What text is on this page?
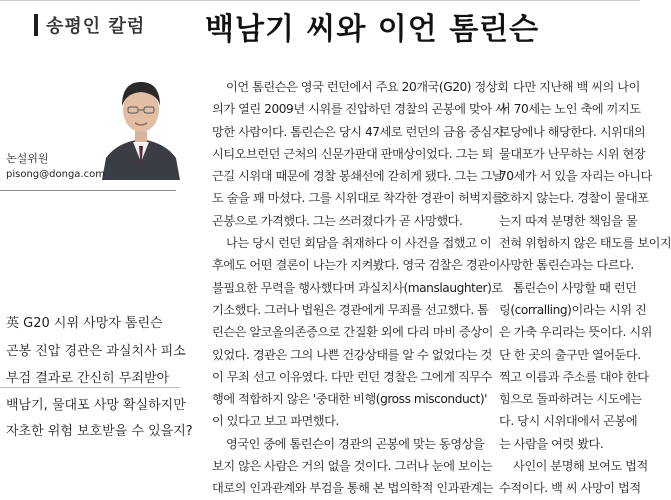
송평인 칼럼 백남기 씨와 이언 톰린슨
논설위원
pisong@donga.com
英 G20 시위 사망자 톰린슨
곤봉 진압 경관은 과실치사 피소
부검 결과로 간신히 무죄받아
백남기, 물대포 사망 확실하지만
자초한 위험 보호받을 수 있을지?

이언 톰린슨은 영국 런던에서 주요 20개국(G20) 정상회
의가 열린 2009년 시위를 진압하던 경찰의 곤봉에 맞아 사
망한 사람이다. 톰린슨은 당시 47세로 런던의 금융 중심지
시티오브런던 근처의 신문가판대 판매상이었다. 그는 퇴
근길 시위대 때문에 경찰 봉쇄선에 갇히게 됐다. 그는 그날
도 술을 꽤 마셨다. 그를 시위대로 착각한 경관이 허벅지를
곤봉으로 가격했다. 그는 쓰러졌다가 곧 사망했다.

나는 당시 런던 회담을 취재하다 이 사건을 접했고 이
후에도 어떤 결론이 나는가 지켜봤다. 영국 검찰은 경관이
불필요한 무력을 행사했다며 과실치사(manslaughter)로
기소했다. 그러나 법원은 경관에게 무죄를 선고했다. 톰
린슨은 알코올의존증으로 간질환 외에 다리 마비 증상이
있었다. 경관은 그의 나쁜 건강상태를 알 수 없었다는 것
이 무죄 선고 이유였다. 다만 런던 경찰은 그에게 직무수
행에 적합하지 않은 '중대한 비행(gross misconduct)'
이 있다고 보고 파면했다.

영국인 중에 톰린슨이 경관의 곤봉에 맞는 동영상을
보지 않은 사람은 거의 없을 것이다. 그러나 눈에 보이는
대로의 인과관계와 부검을 통해 본 법의학적 인과관계는

다만 지난해 백 씨의 나이
서 70세는 노인 축에 끼지도
로당에나 해당한다. 시위대의
물대포가 난무하는 시위 현장
70세가 서 있을 자리는 아니다
호하지 않는다. 경찰이 물대포
는지 따져 분명한 책임을 물
전혀 위험하지 않은 태도를 보이지
사망한 톰린슨과는 다르다.

톰린슨이 사망할 때 런던
링(corralling)이라는 시위 진
은 가축 우리라는 뜻이다. 시위
단 한 곳의 출구만 열어둔다.
찍고 이름과 주소를 대야 한다
힘으로 돌파하려는 시도에는
다. 당시 시위대에서 곤봉에
는 사람을 여럿 봤다.

사인이 분명해 보여도 법적
수적이다. 백 씨 사망이 법적
